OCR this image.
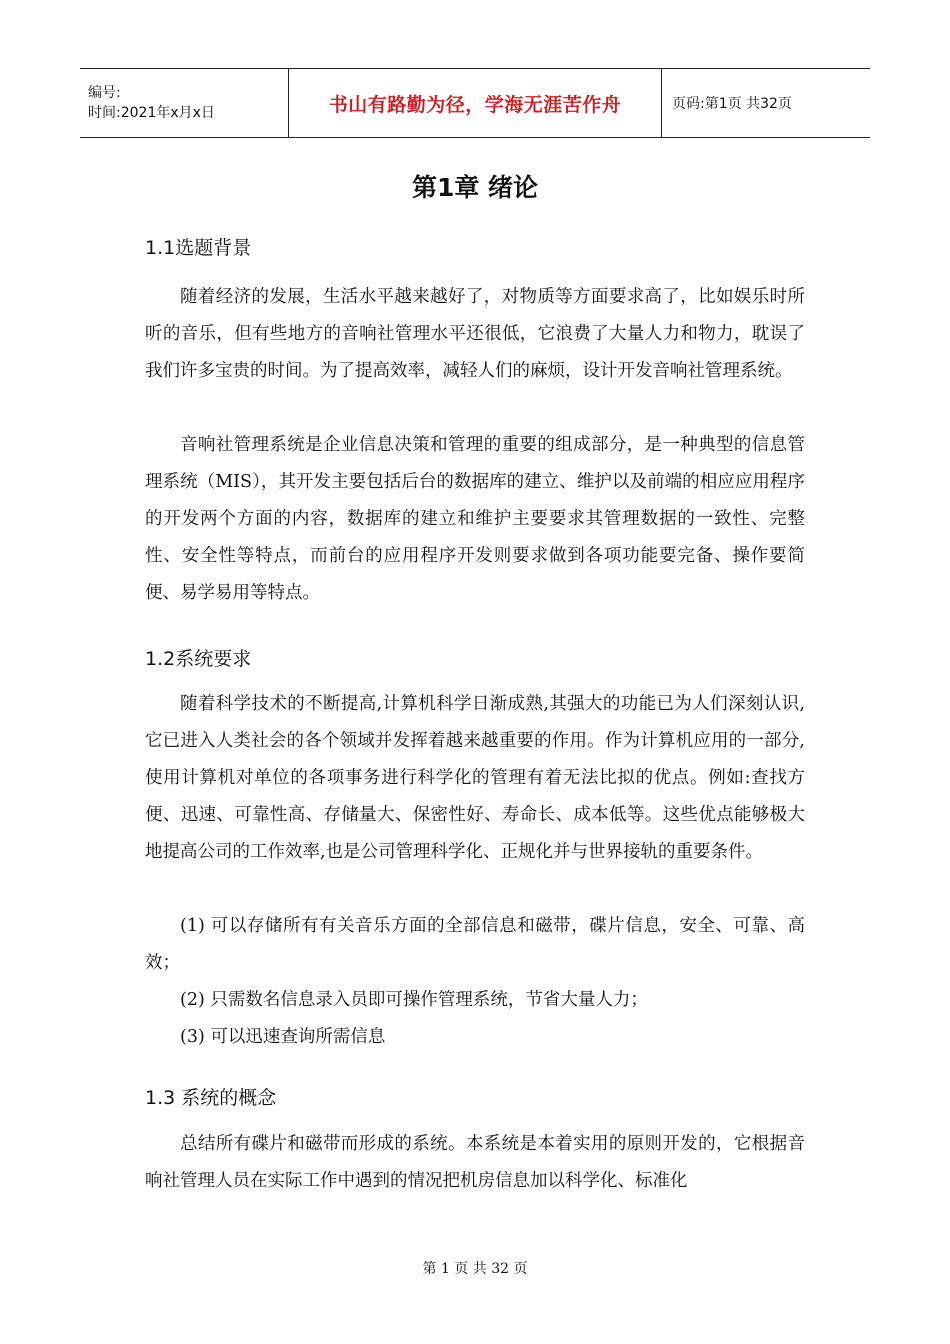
编号:
时间:2021年x月x日	书山有路勤为径，学海无涯苦作舟	页码:第1页 共32页
第1章 绪论
1.1选题背景

随着经济的发展，生活水平越来越好了，对物质等方面要求高了，比如娱乐时所听的音乐，但有些地方的音响社管理水平还很低，它浪费了大量人力和物力，耽误了我们许多宝贵的时间。为了提高效率，减轻人们的麻烦，设计开发音响社管理系统。

音响社管理系统是企业信息决策和管理的重要的组成部分，是一种典型的信息管理系统（MIS），其开发主要包括后台的数据库的建立、维护以及前端的相应应用程序的开发两个方面的内容，数据库的建立和维护主要要求其管理数据的一致性、完整性、安全性等特点，而前台的应用程序开发则要求做到各项功能要完备、操作要简便、易学易用等特点。

1.2系统要求

随着科学技术的不断提高,计算机科学日渐成熟,其强大的功能已为人们深刻认识,它已进入人类社会的各个领域并发挥着越来越重要的作用。作为计算机应用的一部分,使用计算机对单位的各项事务进行科学化的管理有着无法比拟的优点。例如:查找方便、迅速、可靠性高、存储量大、保密性好、寿命长、成本低等。这些优点能够极大地提高公司的工作效率,也是公司管理科学化、正规化并与世界接轨的重要条件。

(1) 可以存储所有有关音乐方面的全部信息和磁带，碟片信息，安全、可靠、高效；

(2) 只需数名信息录入员即可操作管理系统，节省大量人力；

(3) 可以迅速查询所需信息

1.3 系统的概念

总结所有碟片和磁带而形成的系统。本系统是本着实用的原则开发的，它根据音响社管理人员在实际工作中遇到的情况把机房信息加以科学化、标准化

第 1 页 共 32 页
